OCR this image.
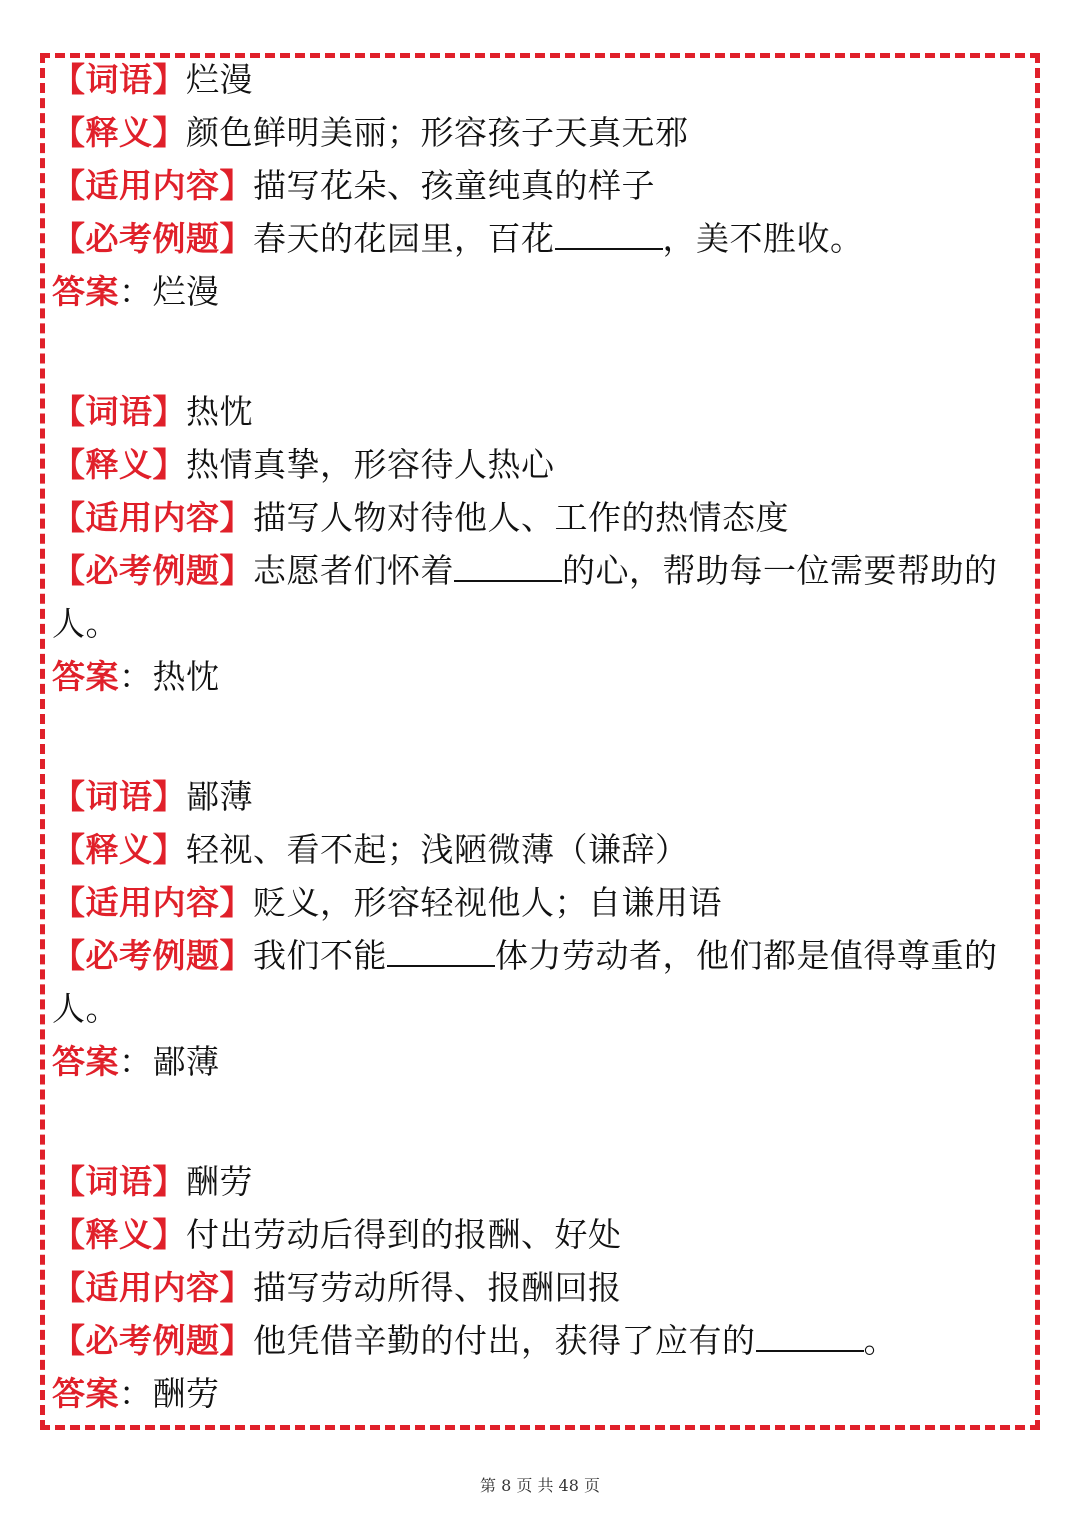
【词语】烂漫
【释义】颜色鲜明美丽；形容孩子天真无邪
【适用内容】描写花朵、孩童纯真的样子
【必考例题】春天的花园里，百花	，美不胜收。
答案：烂漫
【词语】热忱
【释义】热情真挚，形容待人热心
【适用内容】描写人物对待他人、工作的热情态度
【必考例题】志愿者们怀着	的心，帮助每一位需要帮助的
人。
答案：热忱
【词语】鄙薄
【释义】轻视、看不起；浅陋微薄（谦辞）
【适用内容】贬义，形容轻视他人；自谦用语
【必考例题】我们不能	体力劳动者，他们都是值得尊重的
人。
答案：鄙薄
【词语】酬劳
【释义】付出劳动后得到的报酬、好处
【适用内容】描写劳动所得、报酬回报
【必考例题】他凭借辛勤的付出，获得了应有的	。
答案：酬劳
第 8 页 共 48 页
